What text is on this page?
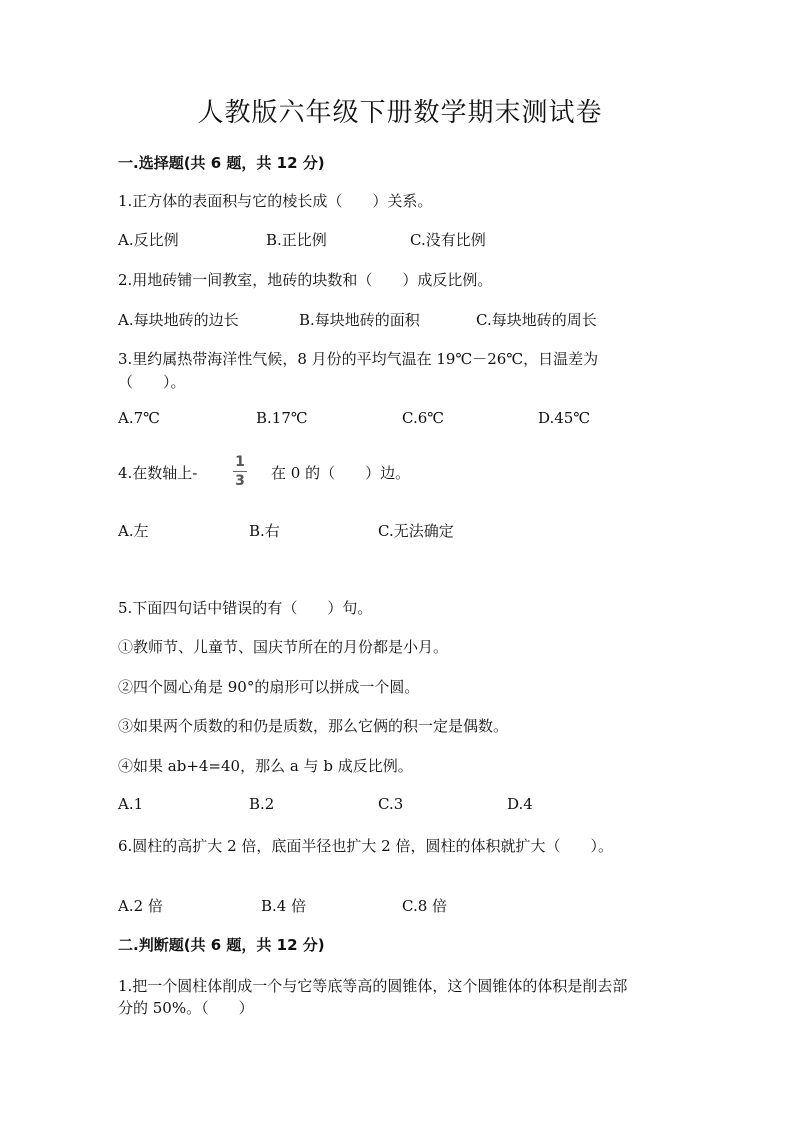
人教版六年级下册数学期末测试卷
一.选择题(共 6 题，共 12 分)
1.正方体的表面积与它的棱长成（　　）关系。
A.反比例	B.正比例	C.没有比例
2.用地砖铺一间教室，地砖的块数和（　　）成反比例。
A.每块地砖的边长	B.每块地砖的面积	C.每块地砖的周长
3.里约属热带海洋性气候，8 月份的平均气温在 19℃－26℃，日温差为
（　　）。
A.7℃	B.17℃	C.6℃	D.45℃
4.在数轴上-
1
3	在 0 的（　　）边。
A.左	B.右	C.无法确定
5.下面四句话中错误的有（　　）句。
①教师节、儿童节、国庆节所在的月份都是小月。
②四个圆心角是 90°的扇形可以拼成一个圆。
③如果两个质数的和仍是质数，那么它俩的积一定是偶数。
④如果 ab+4=40，那么 a 与 b 成反比例。
A.1	B.2	C.3	D.4
6.圆柱的高扩大 2 倍，底面半径也扩大 2 倍，圆柱的体积就扩大（　　）。
A.2 倍	B.4 倍	C.8 倍
二.判断题(共 6 题，共 12 分)
1.把一个圆柱体削成一个与它等底等高的圆锥体，这个圆锥体的体积是削去部
分的 50%。（　　）
